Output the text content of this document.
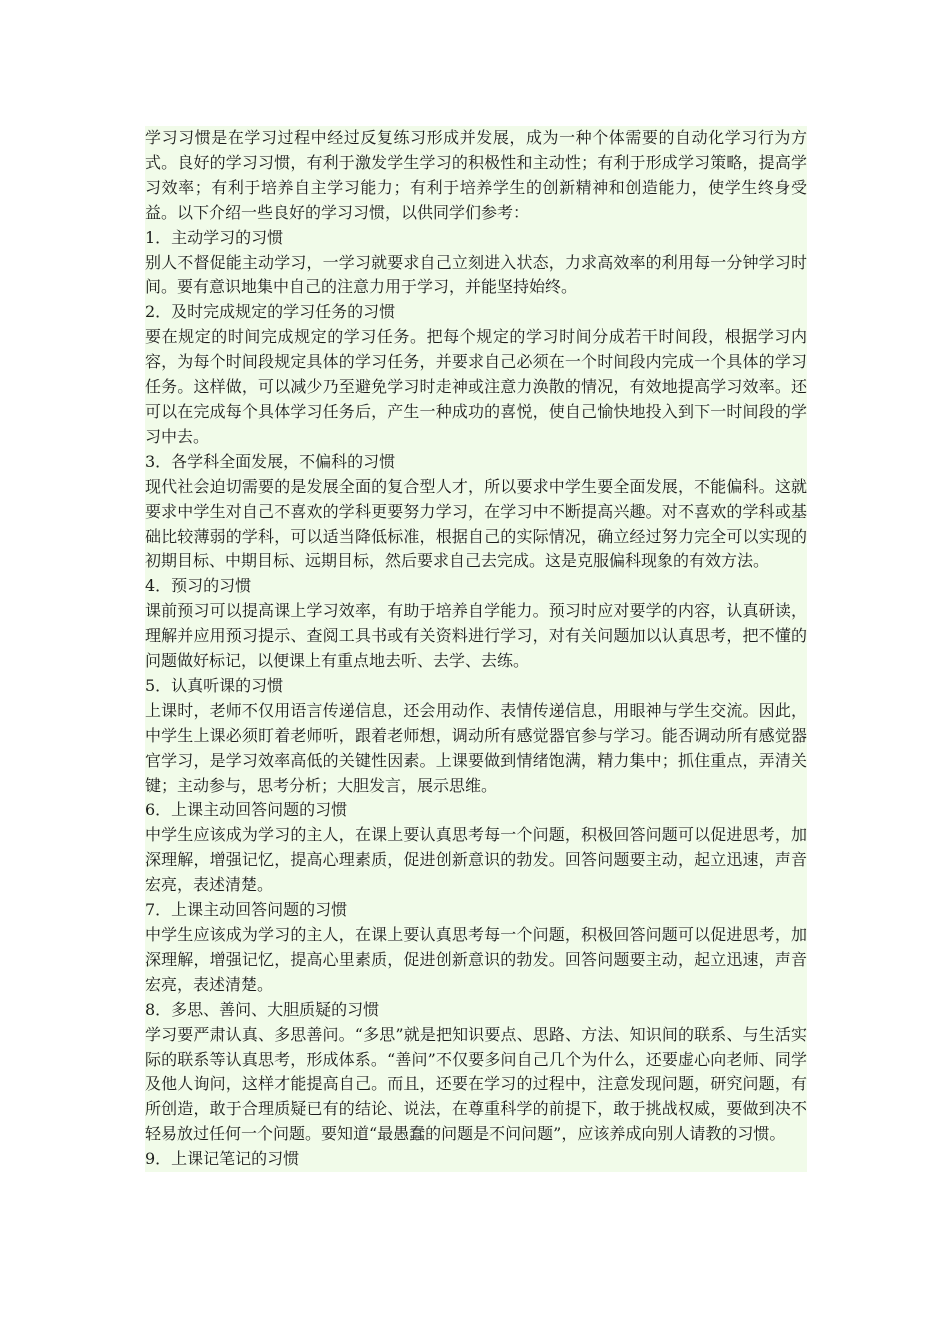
学习习惯是在学习过程中经过反复练习形成并发展，成为一种个体需要的自动化学习行为方式。良好的学习习惯，有利于激发学生学习的积极性和主动性；有利于形成学习策略，提高学习效率；有利于培养自主学习能力；有利于培养学生的创新精神和创造能力，使学生终身受益。以下介绍一些良好的学习习惯，以供同学们参考：

1．主动学习的习惯

别人不督促能主动学习，一学习就要求自己立刻进入状态，力求高效率的利用每一分钟学习时间。要有意识地集中自己的注意力用于学习，并能坚持始终。

2．及时完成规定的学习任务的习惯

要在规定的时间完成规定的学习任务。把每个规定的学习时间分成若干时间段，根据学习内容，为每个时间段规定具体的学习任务，并要求自己必须在一个时间段内完成一个具体的学习任务。这样做，可以减少乃至避免学习时走神或注意力涣散的情况，有效地提高学习效率。还可以在完成每个具体学习任务后，产生一种成功的喜悦，使自己愉快地投入到下一时间段的学习中去。

3．各学科全面发展，不偏科的习惯

现代社会迫切需要的是发展全面的复合型人才，所以要求中学生要全面发展，不能偏科。这就要求中学生对自己不喜欢的学科更要努力学习，在学习中不断提高兴趣。对不喜欢的学科或基础比较薄弱的学科，可以适当降低标准，根据自己的实际情况，确立经过努力完全可以实现的初期目标、中期目标、远期目标，然后要求自己去完成。这是克服偏科现象的有效方法。

4．预习的习惯

课前预习可以提高课上学习效率，有助于培养自学能力。预习时应对要学的内容，认真研读，理解并应用预习提示、查阅工具书或有关资料进行学习，对有关问题加以认真思考，把不懂的问题做好标记，以便课上有重点地去听、去学、去练。

5．认真听课的习惯

上课时，老师不仅用语言传递信息，还会用动作、表情传递信息，用眼神与学生交流。因此，中学生上课必须盯着老师听，跟着老师想，调动所有感觉器官参与学习。能否调动所有感觉器官学习，是学习效率高低的关键性因素。上课要做到情绪饱满，精力集中；抓住重点，弄清关键；主动参与，思考分析；大胆发言，展示思维。

6．上课主动回答问题的习惯

中学生应该成为学习的主人，在课上要认真思考每一个问题，积极回答问题可以促进思考，加深理解，增强记忆，提高心理素质，促进创新意识的勃发。回答问题要主动，起立迅速，声音宏亮，表述清楚。

7．上课主动回答问题的习惯

中学生应该成为学习的主人，在课上要认真思考每一个问题，积极回答问题可以促进思考，加深理解，增强记忆，提高心里素质，促进创新意识的勃发。回答问题要主动，起立迅速，声音宏亮，表述清楚。

8．多思、善问、大胆质疑的习惯

学习要严肃认真、多思善问。“多思”就是把知识要点、思路、方法、知识间的联系、与生活实际的联系等认真思考，形成体系。“善问”不仅要多问自己几个为什么，还要虚心向老师、同学及他人询问，这样才能提高自己。而且，还要在学习的过程中，注意发现问题，研究问题，有所创造，敢于合理质疑已有的结论、说法，在尊重科学的前提下，敢于挑战权威，要做到决不轻易放过任何一个问题。要知道“最愚蠢的问题是不问问题”，应该养成向别人请教的习惯。

9．上课记笔记的习惯
